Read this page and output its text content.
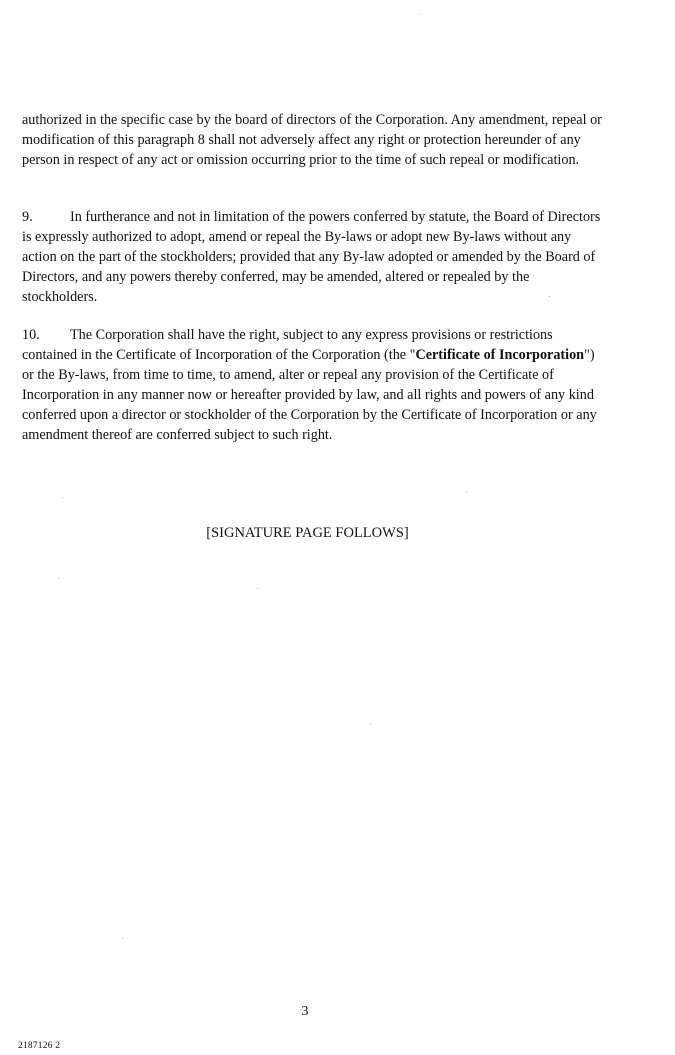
authorized in the specific case by the board of directors of the Corporation. Any amendment, repeal or modification of this paragraph 8 shall not adversely affect any right or protection hereunder of any person in respect of any act or omission occurring prior to the time of such repeal or modification.

9.	In furtherance and not in limitation of the powers conferred by statute, the Board of Directors is expressly authorized to adopt, amend or repeal the By-laws or adopt new By-laws without any action on the part of the stockholders; provided that any By-law adopted or amended by the Board of Directors, and any powers thereby conferred, may be amended, altered or repealed by the stockholders.

10. The Corporation shall have the right, subject to any express provisions or restrictions contained in the Certificate of Incorporation of the Corporation (the "Certificate of Incorporation") or the By-laws, from time to time, to amend, alter or repeal any provision of the Certificate of Incorporation in any manner now or hereafter provided by law, and all rights and powers of any kind conferred upon a director or stockholder of the Corporation by the Certificate of Incorporation or any amendment thereof are conferred subject to such right.

[SIGNATURE PAGE FOLLOWS]
3
2187126 2
